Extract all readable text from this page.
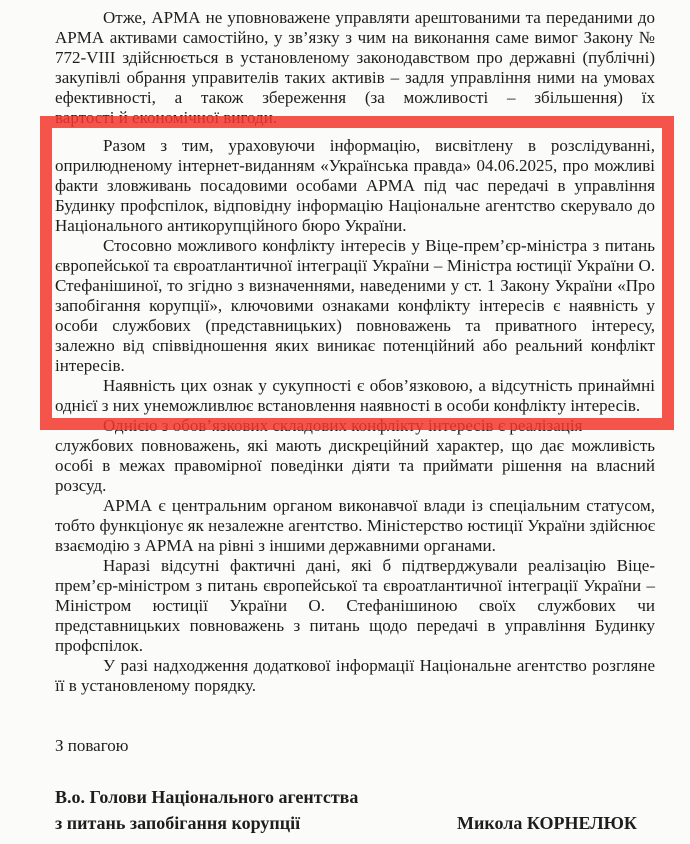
Отже, АРМА не уповноважене управляти арештованими та переданими до АРМА активами самостійно, у зв’язку з чим на виконання саме вимог Закону № 772-VIII здійснюється в установленому законодавством про державні (публічні) закупівлі обрання управителів таких активів – задля управління ними на умовах ефективності, а також збереження (за можливості – збільшення) їх

вартості й економічної вигоди.

Разом з тим, ураховуючи інформацію, висвітлену в розслідуванні, оприлюдненому інтернет-виданням «Українська правда» 04.06.2025, про можливі факти зловживань посадовими особами АРМА під час передачі в управління Будинку профспілок, відповідну інформацію Національне агентство скерувало до Національного антикорупційного бюро України.

Стосовно можливого конфлікту інтересів у Віце-прем’єр-міністра з питань європейської та євроатлантичної інтеграції України – Міністра юстиції України О. Стефанішиної, то згідно з визначеннями, наведеними у ст. 1 Закону України «Про запобігання корупції», ключовими ознаками конфлікту інтересів є наявність у особи службових (представницьких) повноважень та приватного інтересу, залежно від співвідношення яких виникає потенційний або реальний конфлікт інтересів.

Наявність цих ознак у сукупності є обов’язковою, а відсутність принаймні однієї з них унеможливлює встановлення наявності в особи конфлікту інтересів.

Однією з обов’язкових складових конфлікту інтересів є реалізація

службових повноважень, які мають дискреційний характер, що дає можливість особі в межах правомірної поведінки діяти та приймати рішення на власний розсуд.

АРМА є центральним органом виконавчої влади із спеціальним статусом, тобто функціонує як незалежне агентство. Міністерство юстиції України здійснює взаємодію з АРМА на рівні з іншими державними органами.

Наразі відсутні фактичні дані, які б підтверджували реалізацію Віце-прем’єр-міністром з питань європейської та євроатлантичної інтеграції України – Міністром юстиції України О. Стефанішиною своїх службових чи представницьких повноважень з питань щодо передачі в управління Будинку профспілок.

У разі надходження додаткової інформації Національне агентство розгляне її в установленому порядку.

З повагою

В.о. Голови Національного агентства
з питань запобігання корупції	Микола КОРНЕЛЮК
